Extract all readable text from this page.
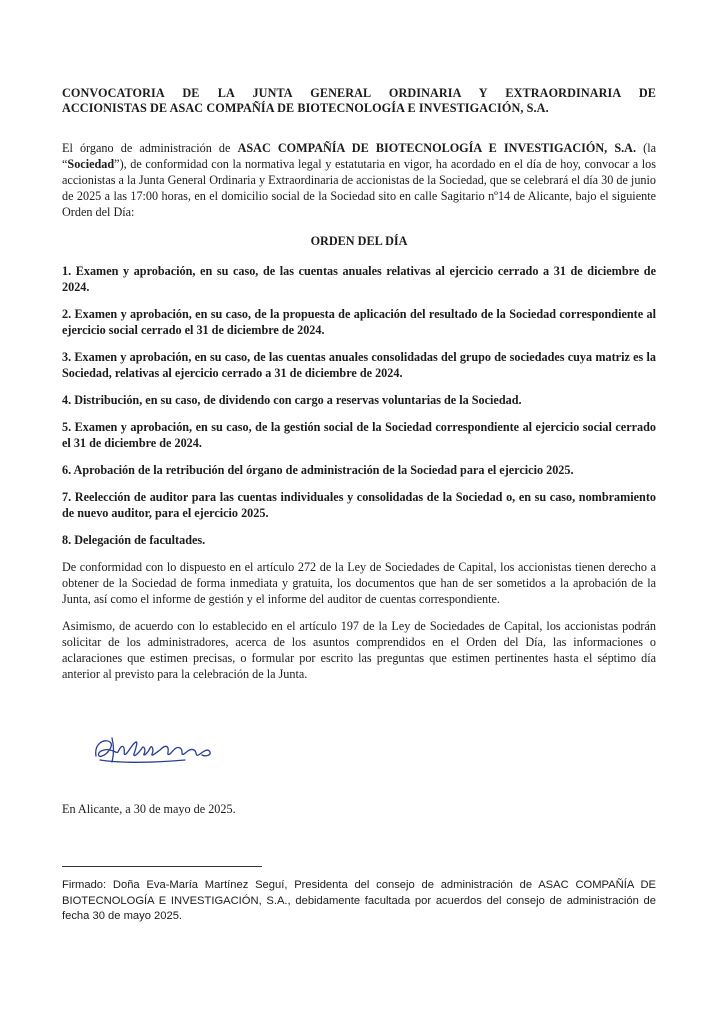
CONVOCATORIA DE LA JUNTA GENERAL ORDINARIA Y EXTRAORDINARIA DE
ACCIONISTAS DE ASAC COMPAÑÍA DE BIOTECNOLOGÍA E INVESTIGACIÓN, S.A.

El órgano de administración de ASAC COMPAÑÍA DE BIOTECNOLOGÍA E INVESTIGACIÓN, S.A. (la “Sociedad”), de conformidad con la normativa legal y estatutaria en vigor, ha acordado en el día de hoy, convocar a los accionistas a la Junta General Ordinaria y Extraordinaria de accionistas de la Sociedad, que se celebrará el día 30 de junio de 2025 a las 17:00 horas, en el domicilio social de la Sociedad sito en calle Sagitario nº14 de Alicante, bajo el siguiente Orden del Día:

ORDEN DEL DÍA

1. Examen y aprobación, en su caso, de las cuentas anuales relativas al ejercicio cerrado a 31 de diciembre de 2024.

2. Examen y aprobación, en su caso, de la propuesta de aplicación del resultado de la Sociedad correspondiente al ejercicio social cerrado el 31 de diciembre de 2024.

3. Examen y aprobación, en su caso, de las cuentas anuales consolidadas del grupo de sociedades cuya matriz es la Sociedad, relativas al ejercicio cerrado a 31 de diciembre de 2024.

4. Distribución, en su caso, de dividendo con cargo a reservas voluntarias de la Sociedad.

5. Examen y aprobación, en su caso, de la gestión social de la Sociedad correspondiente al ejercicio social cerrado el 31 de diciembre de 2024.

6. Aprobación de la retribución del órgano de administración de la Sociedad para el ejercicio 2025.

7. Reelección de auditor para las cuentas individuales y consolidadas de la Sociedad o, en su caso, nombramiento de nuevo auditor, para el ejercicio 2025.

8. Delegación de facultades.

De conformidad con lo dispuesto en el artículo 272 de la Ley de Sociedades de Capital, los accionistas tienen derecho a obtener de la Sociedad de forma inmediata y gratuita, los documentos que han de ser sometidos a la aprobación de la Junta, así como el informe de gestión y el informe del auditor de cuentas correspondiente.

Asimismo, de acuerdo con lo establecido en el artículo 197 de la Ley de Sociedades de Capital, los accionistas podrán solicitar de los administradores, acerca de los asuntos comprendidos en el Orden del Día, las informaciones o aclaraciones que estimen precisas, o formular por escrito las preguntas que estimen pertinentes hasta el séptimo día anterior al previsto para la celebración de la Junta.

En Alicante, a 30 de mayo de 2025.
Firmado: Doña Eva-María Martínez Seguí, Presidenta del consejo de administración de ASAC COMPAÑÍA DE BIOTECNOLOGÍA E INVESTIGACIÓN, S.A., debidamente facultada por acuerdos del consejo de administración de fecha 30 de mayo 2025.
